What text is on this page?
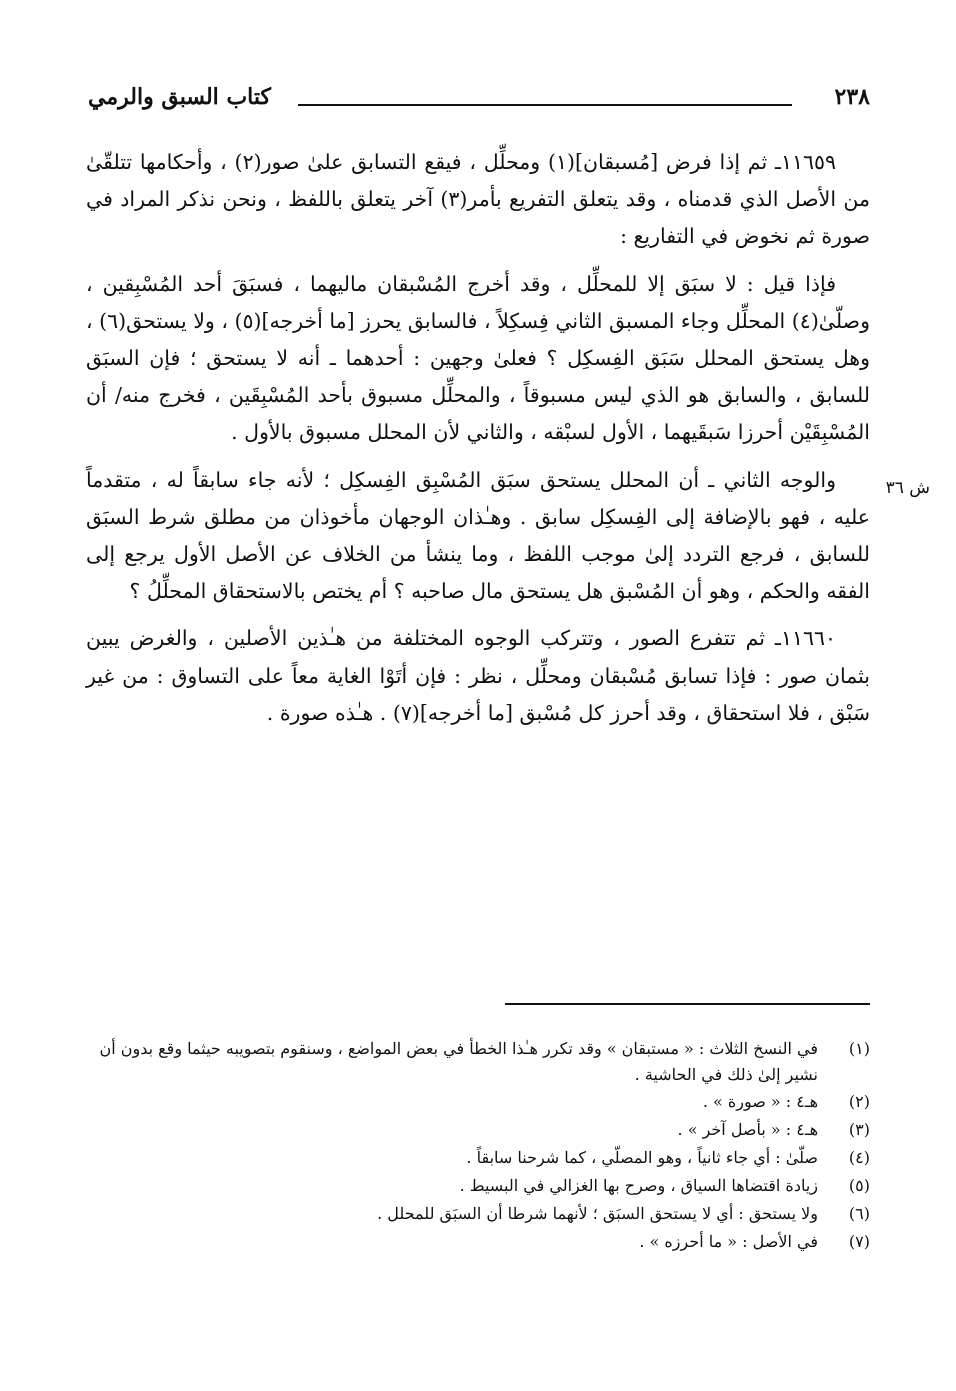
٢٣٨
كتاب السبق والرمي
ش ٣٦

١١٦٥٩ـ ثم إذا فرض [مُسبقان](١) ومحلِّل ، فيقع التسابق علىٰ صور(٢) ، وأحكامها تتلقّىٰ من الأصل الذي قدمناه ، وقد يتعلق التفريع بأمر(٣) آخر يتعلق باللفظ ، ونحن نذكر المراد في صورة ثم نخوض في التفاريع :

فإذا قيل : لا سبَق إلا للمحلِّل ، وقد أخرج المُسْبقان ماليهما ، فسبَقَ أحد المُسْبِقين ، وصلّىٰ(٤) المحلِّل وجاء المسبق الثاني فِسكِلاً ، فالسابق يحرز [ما أخرجه](٥) ، ولا يستحق(٦) ، وهل يستحق المحلل سَبَق الفِسكِل ؟ فعلىٰ وجهين : أحدهما ـ أنه لا يستحق ؛ فإن السبَق للسابق ، والسابق هو الذي ليس مسبوقاً ، والمحلِّل مسبوق بأحد المُسْبِقَين ، فخرج منه/ أن المُسْبِقَيْن أحرزا سَبقَيهما ، الأول لسبْقه ، والثاني لأن المحلل مسبوق بالأول .

والوجه الثاني ـ أن المحلل يستحق سبَق المُسْبِق الفِسكِل ؛ لأنه جاء سابقاً له ، متقدماً عليه ، فهو بالإضافة إلى الفِسكِل سابق . وهـٰذان الوجهان مأخوذان من مطلق شرط السبَق للسابق ، فرجع التردد إلىٰ موجب اللفظ ، وما ينشأ من الخلاف عن الأصل الأول يرجع إلى الفقه والحكم ، وهو أن المُسْبق هل يستحق مال صاحبه ؟ أم يختص بالاستحقاق المحلِّلُ ؟

١١٦٦٠ـ ثم تتفرع الصور ، وتتركب الوجوه المختلفة من هـٰذين الأصلين ، والغرض يبين بثمان صور : فإذا تسابق مُسْبقان ومحلِّل ، نظر : فإن أتَوْا الغاية معاً على التساوق : من غير سَبْق ، فلا استحقاق ، وقد أحرز كل مُسْبق [ما أخرجه](٧) . هـٰذه صورة .

(١)
في النسخ الثلاث : « مستبقان » وقد تكرر هـٰذا الخطأ في بعض المواضع ، وسنقوم بتصويبه حيثما وقع بدون أن نشير إلىٰ ذلك في الحاشية .
(٢)
هـ٤ : « صورة » .
(٣)
هـ٤ : « بأصل آخر » .
(٤)
صلّىٰ : أي جاء ثانياً ، وهو المصلّي ، كما شرحنا سابقاً .
(٥)
زيادة اقتضاها السياق ، وصرح بها الغزالي في البسيط .
(٦)
ولا يستحق : أي لا يستحق السبَق ؛ لأنهما شرطا أن السبَق للمحلل .
(٧)
في الأصل : « ما أحرزه » .
